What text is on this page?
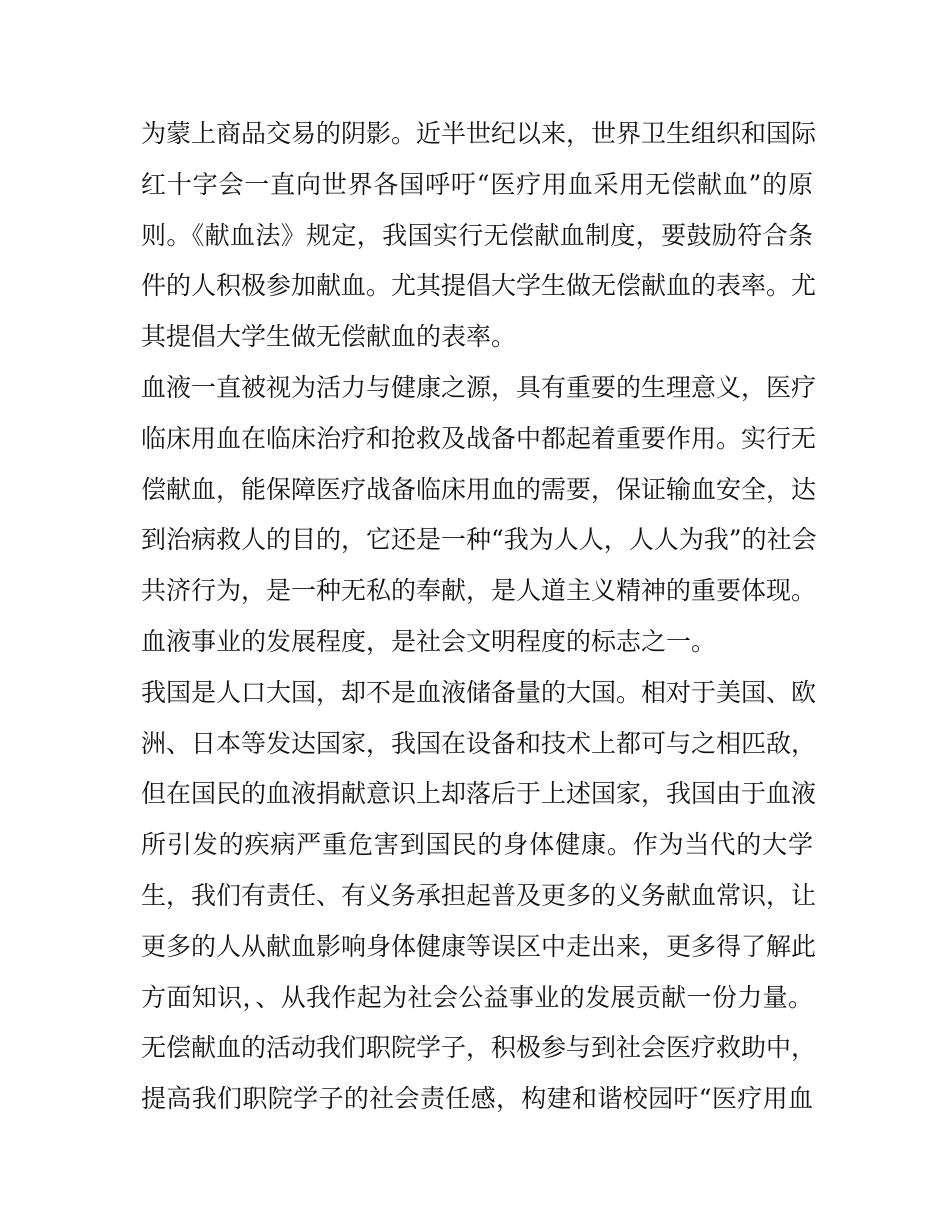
为蒙上商品交易的阴影。近半世纪以来，世界卫生组织和国际
红十字会一直向世界各国呼吁“医疗用血采用无偿献血”的原
则。《献血法》规定，我国实行无偿献血制度，要鼓励符合条
件的人积极参加献血。尤其提倡大学生做无偿献血的表率。尤
其提倡大学生做无偿献血的表率。
血液一直被视为活力与健康之源，具有重要的生理意义，医疗
临床用血在临床治疗和抢救及战备中都起着重要作用。实行无
偿献血，能保障医疗战备临床用血的需要，保证输血安全，达
到治病救人的目的，它还是一种“我为人人，人人为我”的社会
共济行为，是一种无私的奉献，是人道主义精神的重要体现。
血液事业的发展程度，是社会文明程度的标志之一。
我国是人口大国，却不是血液储备量的大国。相对于美国、欧
洲、日本等发达国家，我国在设备和技术上都可与之相匹敌，
但在国民的血液捐献意识上却落后于上述国家，我国由于血液
所引发的疾病严重危害到国民的身体健康。作为当代的大学
生，我们有责任、有义务承担起普及更多的义务献血常识，让
更多的人从献血影响身体健康等误区中走出来，更多得了解此
方面知识，、从我作起为社会公益事业的发展贡献一份力量。
无偿献血的活动我们职院学子，积极参与到社会医疗救助中，
提高我们职院学子的社会责任感，构建和谐校园吁“医疗用血
